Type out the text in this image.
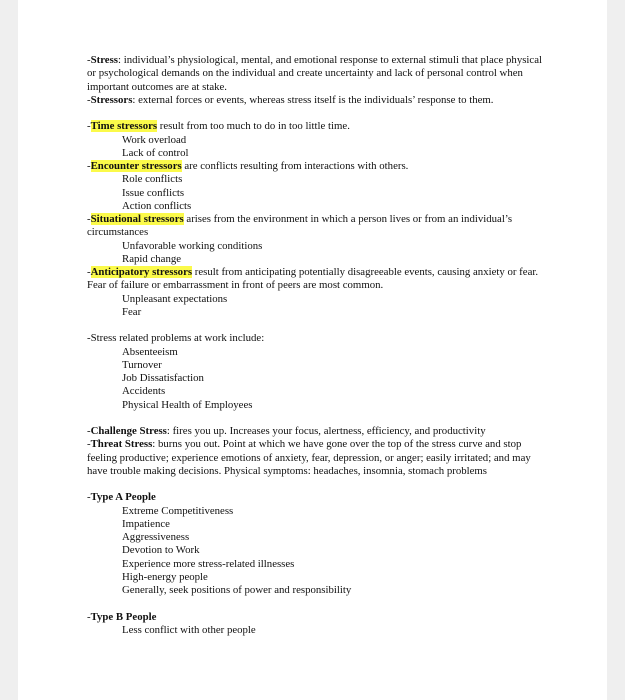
-Stress: individual’s physiological, mental, and emotional response to external stimuli that place physical or psychological demands on the individual and create uncertainty and lack of personal control when important outcomes are at stake.

-Stressors: external forces or events, whereas stress itself is the individuals’ response to them.

-Time stressors result from too much to do in too little time.

Work overload

Lack of control

-Encounter stressors are conflicts resulting from interactions with others.

Role conflicts

Issue conflicts

Action conflicts

-Situational stressors arises from the environment in which a person lives or from an individual’s circumstances

Unfavorable working conditions

Rapid change

-Anticipatory stressors result from anticipating potentially disagreeable events, causing anxiety or fear. Fear of failure or embarrassment in front of peers are most common.

Unpleasant expectations

Fear

-Stress related problems at work include:

Absenteeism

Turnover

Job Dissatisfaction

Accidents

Physical Health of Employees

-Challenge Stress: fires you up. Increases your focus, alertness, efficiency, and productivity

-Threat Stress: burns you out. Point at which we have gone over the top of the stress curve and stop feeling productive; experience emotions of anxiety, fear, depression, or anger; easily irritated; and may have trouble making decisions. Physical symptoms: headaches, insomnia, stomach problems

-Type A People

Extreme Competitiveness

Impatience

Aggressiveness

Devotion to Work

Experience more stress-related illnesses

High-energy people

Generally, seek positions of power and responsibility

-Type B People

Less conflict with other people
